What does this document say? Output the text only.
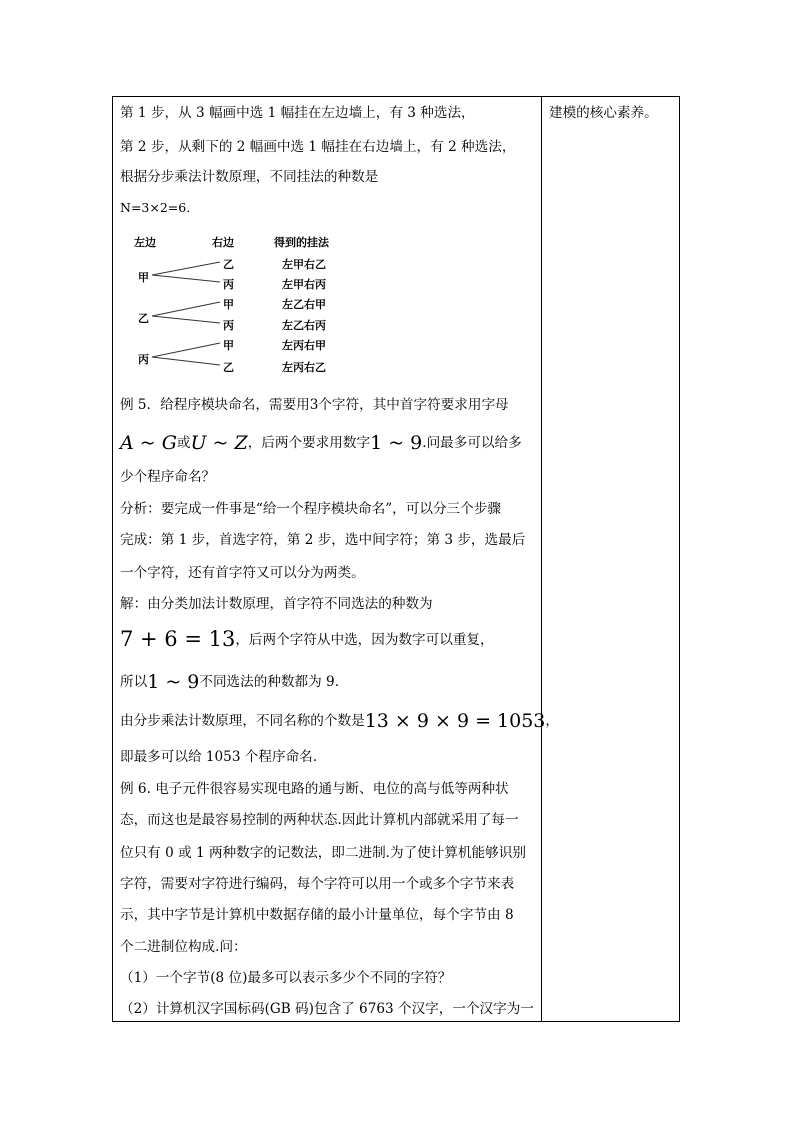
第 1 步，从 3 幅画中选 1 幅挂在左边墙上，有 3 种选法，
第 2 步，从剩下的 2 幅画中选 1 幅挂在右边墙上，有 2 种选法，
根据分步乘法计数原理，不同挂法的种数是
N=3×2=6.
左边	右边	得到的挂法
甲
乙	左甲右乙
丙	左甲右丙
乙
甲	左乙右甲
丙	左乙右丙
丙
甲	左丙右甲
乙	左丙右乙
例 5．给程序模块命名，需要用3个字符，其中首字符要求用字母
A ~ G或U ~ Z，后两个要求用数字1 ~ 9.问最多可以给多
少个程序命名？
分析：要完成一件事是“给一个程序模块命名”，可以分三个步骤
完成：第 1 步，首选字符，第 2 步，选中间字符；第 3 步，选最后
一个字符，还有首字符又可以分为两类。
解：由分类加法计数原理，首字符不同选法的种数为
7 + 6 = 13，后两个字符从中选，因为数字可以重复，
所以1 ~ 9不同选法的种数都为 9.
由分步乘法计数原理，不同名称的个数是13 × 9 × 9 = 1053，
即最多可以给 1053 个程序命名.
例 6. 电子元件很容易实现电路的通与断、电位的高与低等两种状
态，而这也是最容易控制的两种状态.因此计算机内部就采用了每一
位只有 0 或 1 两种数字的记数法，即二进制.为了使计算机能够识别
字符，需要对字符进行编码，每个字符可以用一个或多个字节来表
示，其中字节是计算机中数据存储的最小计量单位，每个字节由 8
个二进制位构成.问：
（1）一个字节(8 位)最多可以表示多少个不同的字符？
（2）计算机汉字国标码(GB 码)包含了 6763 个汉字，一个汉字为一
建模的核心素养。
